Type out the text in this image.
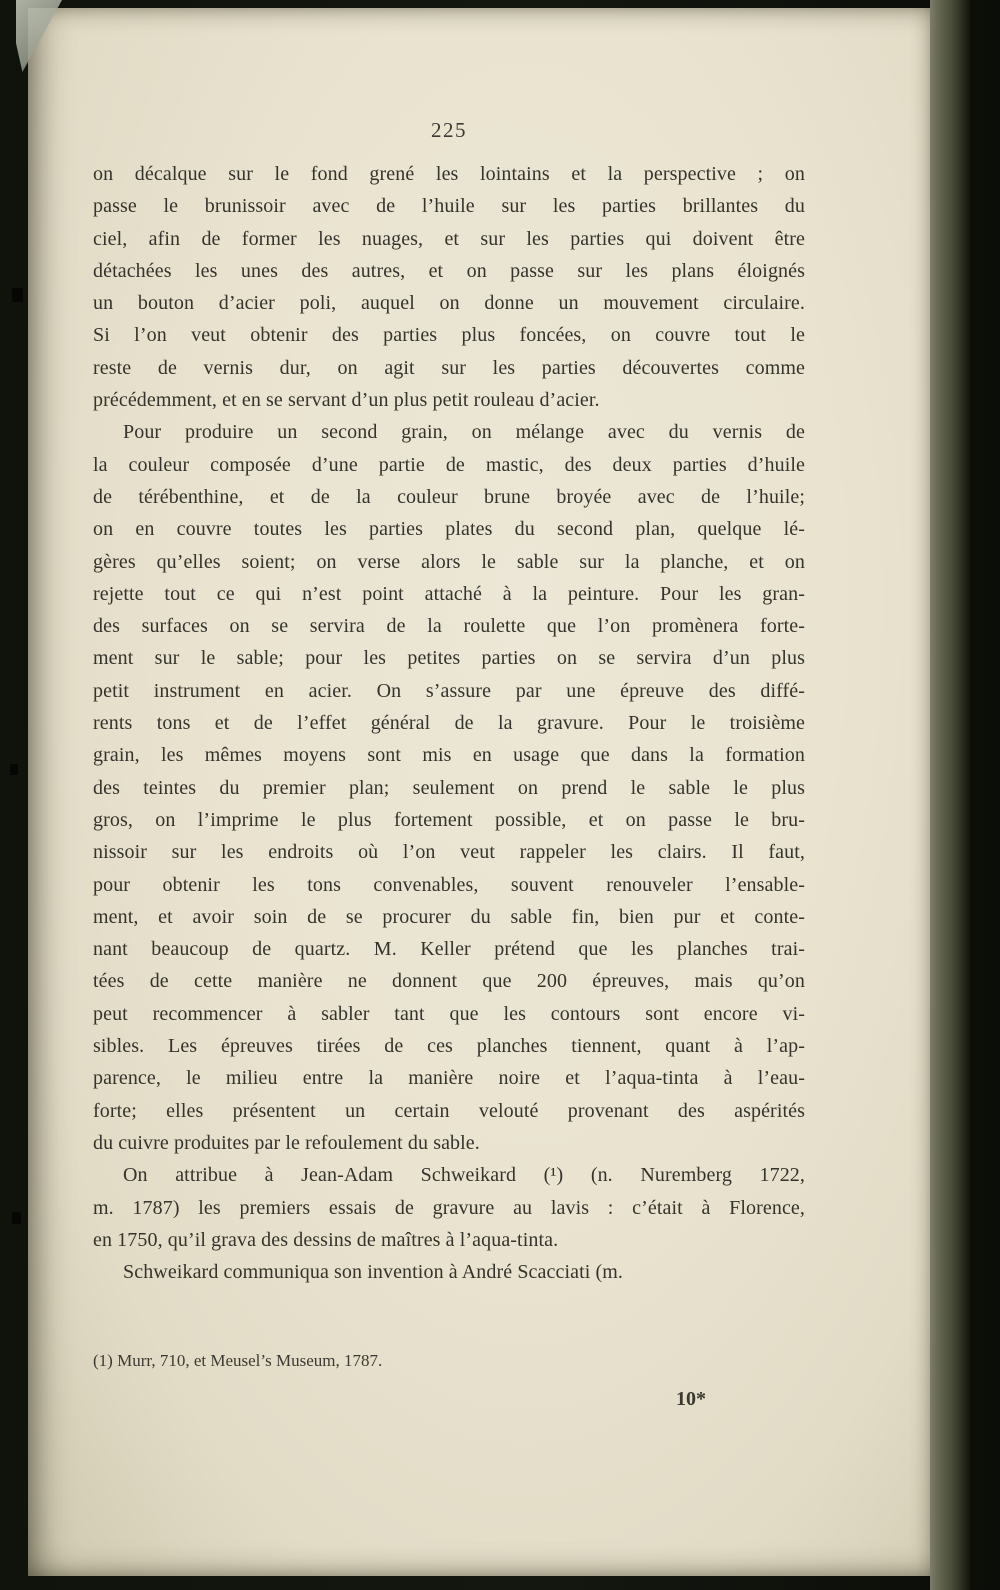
225
on décalque sur le fond grené les lointains et la perspective ; on
passe le brunissoir avec de l’huile sur les parties brillantes du
ciel, afin de former les nuages, et sur les parties qui doivent être
détachées les unes des autres, et on passe sur les plans éloignés
un bouton d’acier poli, auquel on donne un mouvement circulaire.
Si l’on veut obtenir des parties plus foncées, on couvre tout le
reste de vernis dur, on agit sur les parties découvertes comme
précédemment, et en se servant d’un plus petit rouleau d’acier.
Pour produire un second grain, on mélange avec du vernis de
la couleur composée d’une partie de mastic, des deux parties d’huile
de térébenthine, et de la couleur brune broyée avec de l’huile;
on en couvre toutes les parties plates du second plan, quelque lé-
gères qu’elles soient; on verse alors le sable sur la planche, et on
rejette tout ce qui n’est point attaché à la peinture. Pour les gran-
des surfaces on se servira de la roulette que l’on promènera forte-
ment sur le sable; pour les petites parties on se servira d’un plus
petit instrument en acier. On s’assure par une épreuve des diffé-
rents tons et de l’effet général de la gravure. Pour le troisième
grain, les mêmes moyens sont mis en usage que dans la formation
des teintes du premier plan; seulement on prend le sable le plus
gros, on l’imprime le plus fortement possible, et on passe le bru-
nissoir sur les endroits où l’on veut rappeler les clairs. Il faut,
pour obtenir les tons convenables, souvent renouveler l’ensable-
ment, et avoir soin de se procurer du sable fin, bien pur et conte-
nant beaucoup de quartz. M. Keller prétend que les planches trai-
tées de cette manière ne donnent que 200 épreuves, mais qu’on
peut recommencer à sabler tant que les contours sont encore vi-
sibles. Les épreuves tirées de ces planches tiennent, quant à l’ap-
parence, le milieu entre la manière noire et l’aqua-tinta à l’eau-
forte; elles présentent un certain velouté provenant des aspérités
du cuivre produites par le refoulement du sable.
On attribue à Jean-Adam Schweikard (¹) (n. Nuremberg 1722,
m. 1787) les premiers essais de gravure au lavis : c’était à Florence,
en 1750, qu’il grava des dessins de maîtres à l’aqua-tinta.
Schweikard communiqua son invention à André Scacciati (m.
(1) Murr, 710, et Meusel’s Museum, 1787.
10*
